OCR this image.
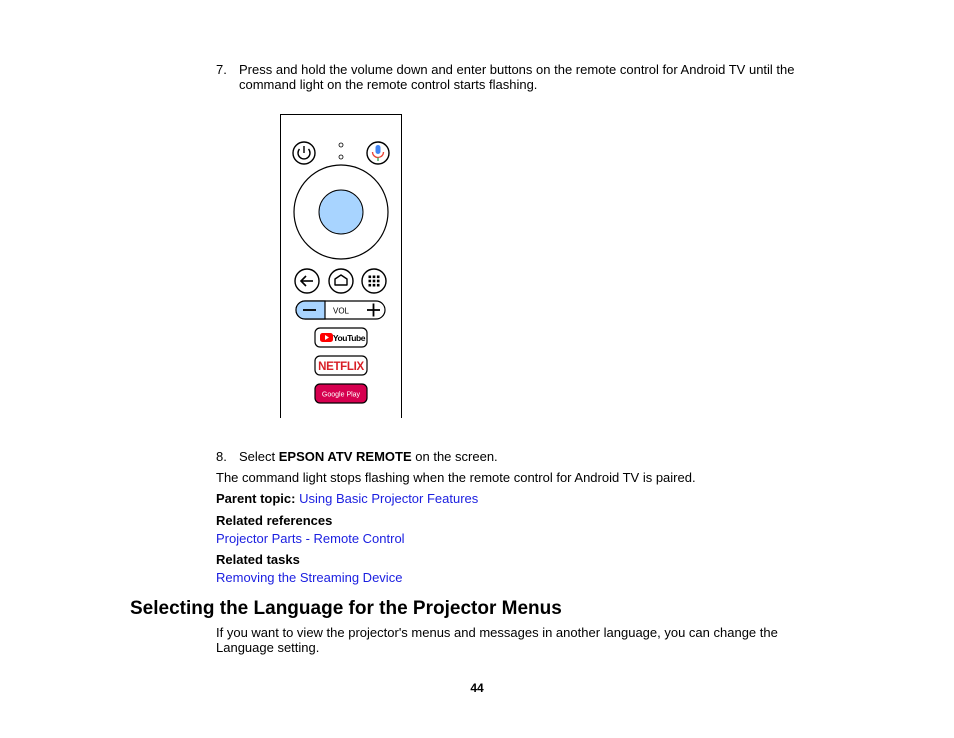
7. Press and hold the volume down and enter buttons on the remote control for Android TV until the
command light on the remote control starts flashing.
VOL
YouTube
NETFLIX
Google Play
8. Select EPSON ATV REMOTE on the screen.
The command light stops flashing when the remote control for Android TV is paired.
Parent topic: Using Basic Projector Features
Related references
Projector Parts - Remote Control
Related tasks
Removing the Streaming Device
Selecting the Language for the Projector Menus
If you want to view the projector's menus and messages in another language, you can change the
Language setting.
44
